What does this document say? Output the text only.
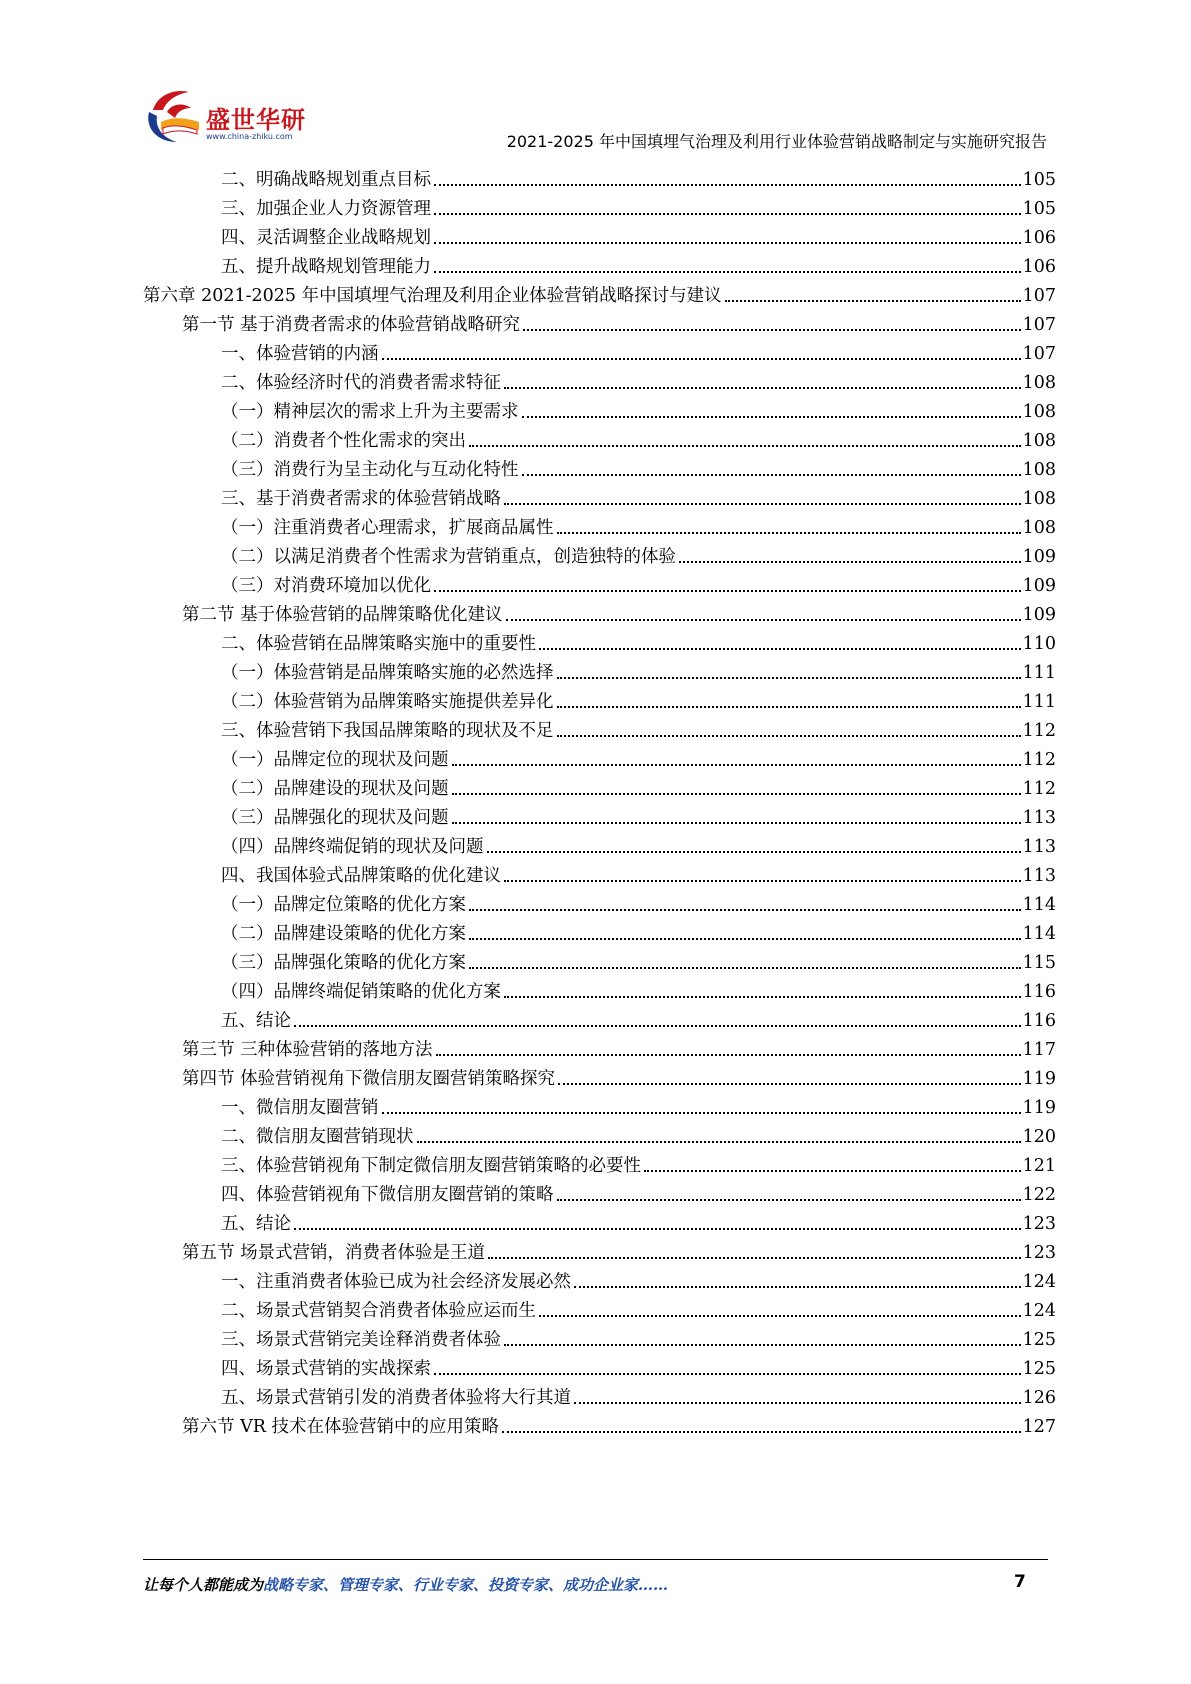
盛世华研
www.china-zhiku.com	2021-2025 年中国填埋气治理及利用行业体验营销战略制定与实施研究报告
二、明确战略规划重点目标	105
三、加强企业人力资源管理	105
四、灵活调整企业战略规划	106
五、提升战略规划管理能力	106
第六章 2021-2025 年中国填埋气治理及利用企业体验营销战略探讨与建议	107
第一节 基于消费者需求的体验营销战略研究	107
一、体验营销的内涵	107
二、体验经济时代的消费者需求特征	108
（一）精神层次的需求上升为主要需求	108
（二）消费者个性化需求的突出	108
（三）消费行为呈主动化与互动化特性	108
三、基于消费者需求的体验营销战略	108
（一）注重消费者心理需求，扩展商品属性	108
（二）以满足消费者个性需求为营销重点，创造独特的体验	109
（三）对消费环境加以优化	109
第二节 基于体验营销的品牌策略优化建议	109
二、体验营销在品牌策略实施中的重要性	110
（一）体验营销是品牌策略实施的必然选择	111
（二）体验营销为品牌策略实施提供差异化	111
三、体验营销下我国品牌策略的现状及不足	112
（一）品牌定位的现状及问题	112
（二）品牌建设的现状及问题	112
（三）品牌强化的现状及问题	113
（四）品牌终端促销的现状及问题	113
四、我国体验式品牌策略的优化建议	113
（一）品牌定位策略的优化方案	114
（二）品牌建设策略的优化方案	114
（三）品牌强化策略的优化方案	115
（四）品牌终端促销策略的优化方案	116
五、结论	116
第三节 三种体验营销的落地方法	117
第四节 体验营销视角下微信朋友圈营销策略探究	119
一、微信朋友圈营销	119
二、微信朋友圈营销现状	120
三、体验营销视角下制定微信朋友圈营销策略的必要性	121
四、体验营销视角下微信朋友圈营销的策略	122
五、结论	123
第五节 场景式营销，消费者体验是王道	123
一、注重消费者体验已成为社会经济发展必然	124
二、场景式营销契合消费者体验应运而生	124
三、场景式营销完美诠释消费者体验	125
四、场景式营销的实战探索	125
五、场景式营销引发的消费者体验将大行其道	126
第六节 VR 技术在体验营销中的应用策略	127
让每个人都能成为战略专家、管理专家、行业专家、投资专家、成功企业家……	7
